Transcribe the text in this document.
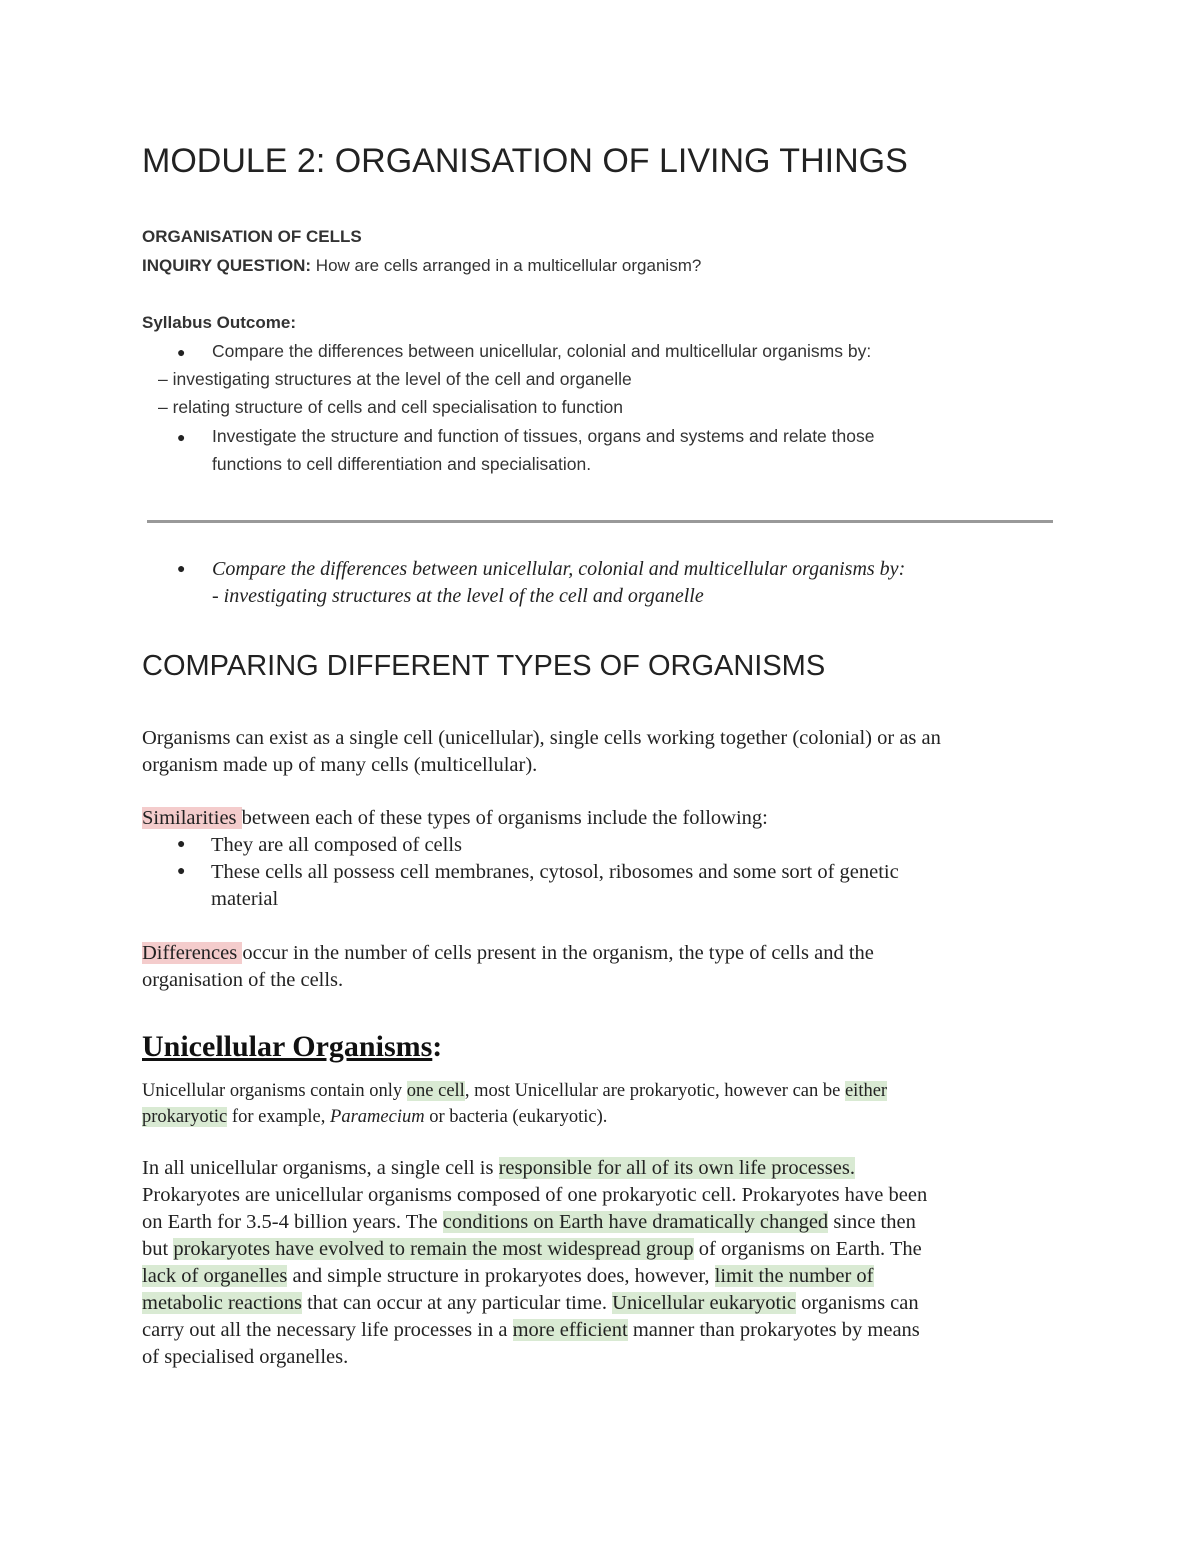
MODULE 2: ORGANISATION OF LIVING THINGS
ORGANISATION OF CELLS
INQUIRY QUESTION: How are cells arranged in a multicellular organism?
Syllabus Outcome:
● Compare the differences between unicellular, colonial and multicellular organisms by:
– investigating structures at the level of the cell and organelle
– relating structure of cells and cell specialisation to function
● Investigate the structure and function of tissues, organs and systems and relate those
functions to cell differentiation and specialisation.
● Compare the differences between unicellular, colonial and multicellular organisms by:
- investigating structures at the level of the cell and organelle
COMPARING DIFFERENT TYPES OF ORGANISMS
Organisms can exist as a single cell (unicellular), single cells working together (colonial) or as an
organism made up of many cells (multicellular).
Similarities between each of these types of organisms include the following:
● They are all composed of cells
● These cells all possess cell membranes, cytosol, ribosomes and some sort of genetic
material
Differences occur in the number of cells present in the organism, the type of cells and the
organisation of the cells.
Unicellular Organisms:
Unicellular organisms contain only one cell, most Unicellular are prokaryotic, however can be either
prokaryotic for example, Paramecium or bacteria (eukaryotic).
In all unicellular organisms, a single cell is responsible for all of its own life processes.
Prokaryotes are unicellular organisms composed of one prokaryotic cell. Prokaryotes have been
on Earth for 3.5-4 billion years. The conditions on Earth have dramatically changed since then
but prokaryotes have evolved to remain the most widespread group of organisms on Earth. The
lack of organelles and simple structure in prokaryotes does, however, limit the number of
metabolic reactions that can occur at any particular time. Unicellular eukaryotic organisms can
carry out all the necessary life processes in a more efficient manner than prokaryotes by means
of specialised organelles.
